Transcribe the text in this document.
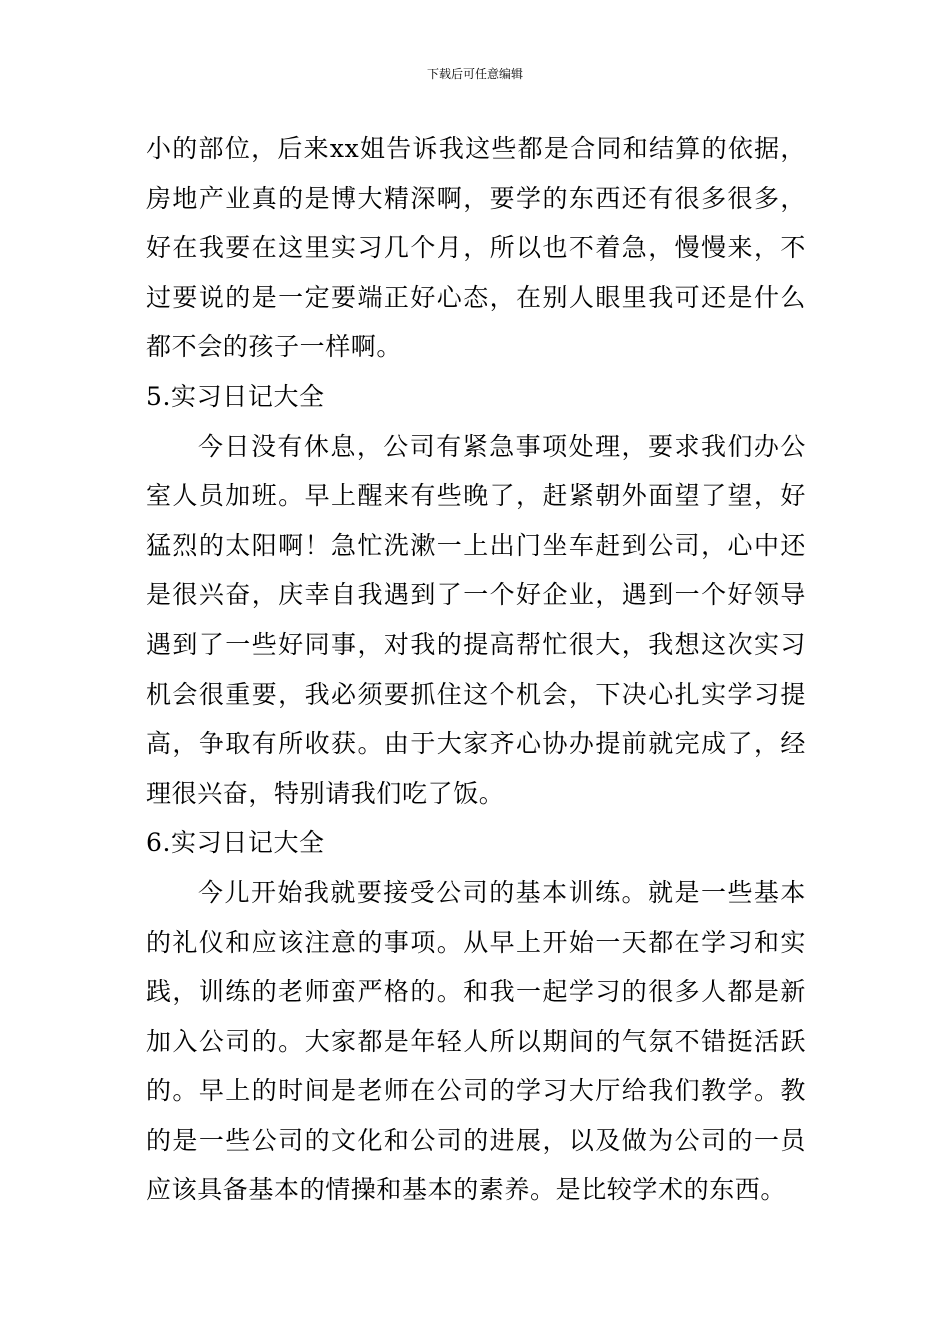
下载后可任意编辑

小的部位，后来xx姐告诉我这些都是合同和结算的依据，房地产业真的是博大精深啊，要学的东西还有很多很多，好在我要在这里实习几个月，所以也不着急，慢慢来，不过要说的是一定要端正好心态，在别人眼里我可还是什么都不会的孩子一样啊。

5.实习日记大全

今日没有休息，公司有紧急事项处理，要求我们办公室人员加班。早上醒来有些晚了，赶紧朝外面望了望，好猛烈的太阳啊！急忙洗漱一上出门坐车赶到公司，心中还是很兴奋，庆幸自我遇到了一个好企业，遇到一个好领导遇到了一些好同事，对我的提高帮忙很大，我想这次实习机会很重要，我必须要抓住这个机会，下决心扎实学习提高，争取有所收获。由于大家齐心协办提前就完成了，经理很兴奋，特别请我们吃了饭。

6.实习日记大全

今儿开始我就要接受公司的基本训练。就是一些基本的礼仪和应该注意的事项。从早上开始一天都在学习和实践，训练的老师蛮严格的。和我一起学习的很多人都是新加入公司的。大家都是年轻人所以期间的气氛不错挺活跃的。早上的时间是老师在公司的学习大厅给我们教学。教的是一些公司的文化和公司的进展，以及做为公司的一员应该具备基本的情操和基本的素养。是比较学术的东西。
